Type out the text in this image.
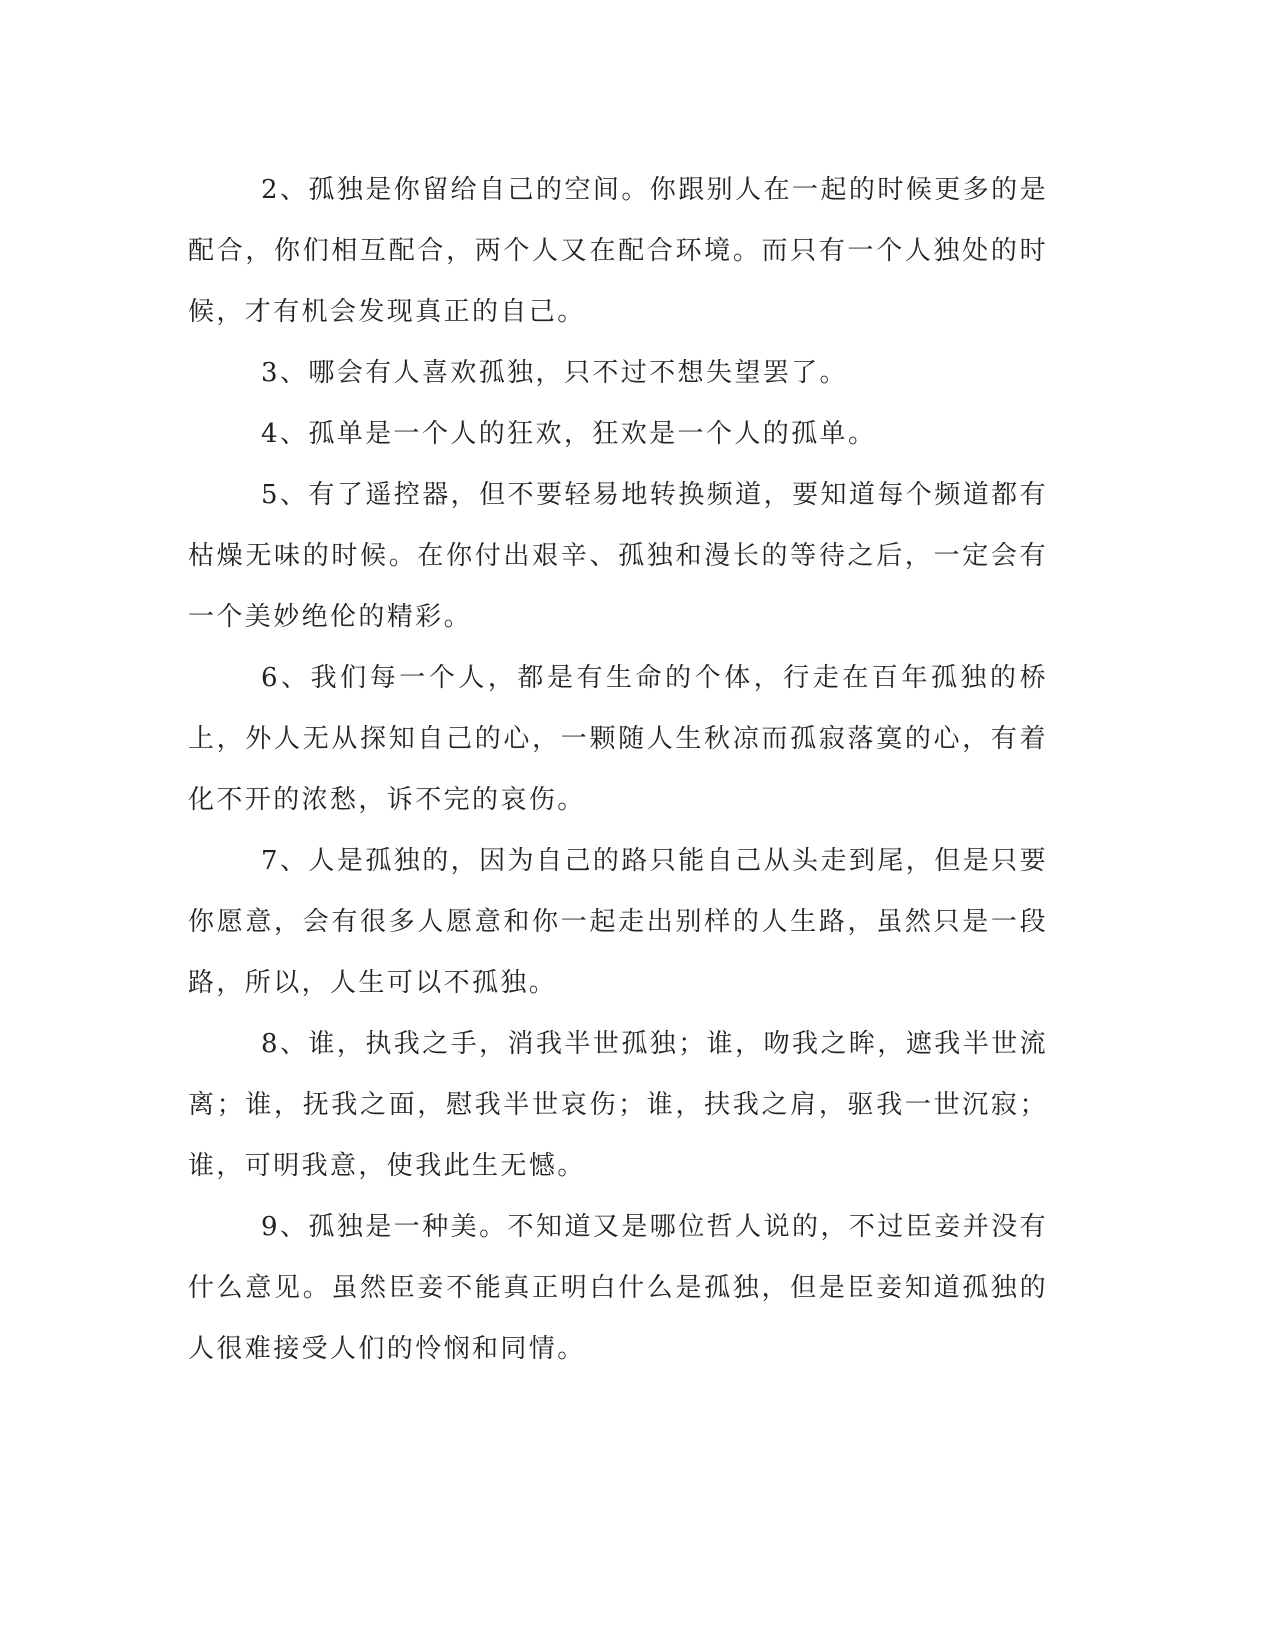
2、孤独是你留给自己的空间。你跟别人在一起的时候更多的是配合，你们相互配合，两个人又在配合环境。而只有一个人独处的时候，才有机会发现真正的自己。

3、哪会有人喜欢孤独，只不过不想失望罢了。

4、孤单是一个人的狂欢，狂欢是一个人的孤单。

5、有了遥控器，但不要轻易地转换频道，要知道每个频道都有枯燥无味的时候。在你付出艰辛、孤独和漫长的等待之后，一定会有一个美妙绝伦的精彩。

6、我们每一个人，都是有生命的个体，行走在百年孤独的桥上，外人无从探知自己的心，一颗随人生秋凉而孤寂落寞的心，有着化不开的浓愁，诉不完的哀伤。

7、人是孤独的，因为自己的路只能自己从头走到尾，但是只要你愿意，会有很多人愿意和你一起走出别样的人生路，虽然只是一段路，所以，人生可以不孤独。

8、谁，执我之手，消我半世孤独；谁，吻我之眸，遮我半世流离；谁，抚我之面，慰我半世哀伤；谁，扶我之肩，驱我一世沉寂；谁，可明我意，使我此生无憾。

9、孤独是一种美。不知道又是哪位哲人说的，不过臣妾并没有什么意见。虽然臣妾不能真正明白什么是孤独，但是臣妾知道孤独的人很难接受人们的怜悯和同情。
